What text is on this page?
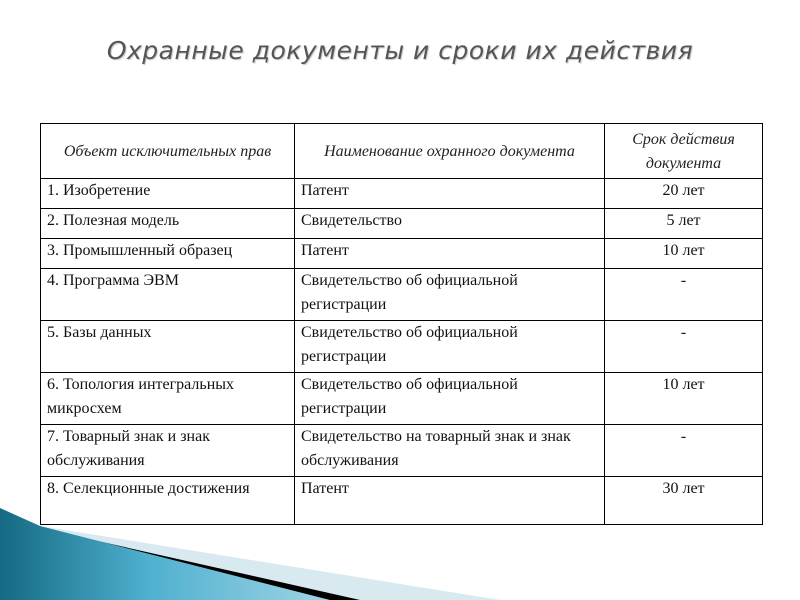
Охранные документы и сроки их действия
Объект исключительных прав	Наименование охранного документа	Срок действия документа
1. Изобретение	Патент	20 лет
2. Полезная модель	Свидетельство	5 лет
3. Промышленный образец	Патент	10 лет
4. Программа ЭВМ	Свидетельство об официальной регистрации	-
5. Базы данных	Свидетельство об официальной регистрации	-
6. Топология интегральных микросхем	Свидетельство об официальной регистрации	10 лет
7. Товарный знак и знак обслуживания	Свидетельство на товарный знак и знак обслуживания	-
8. Селекционные достижения	Патент	30 лет
